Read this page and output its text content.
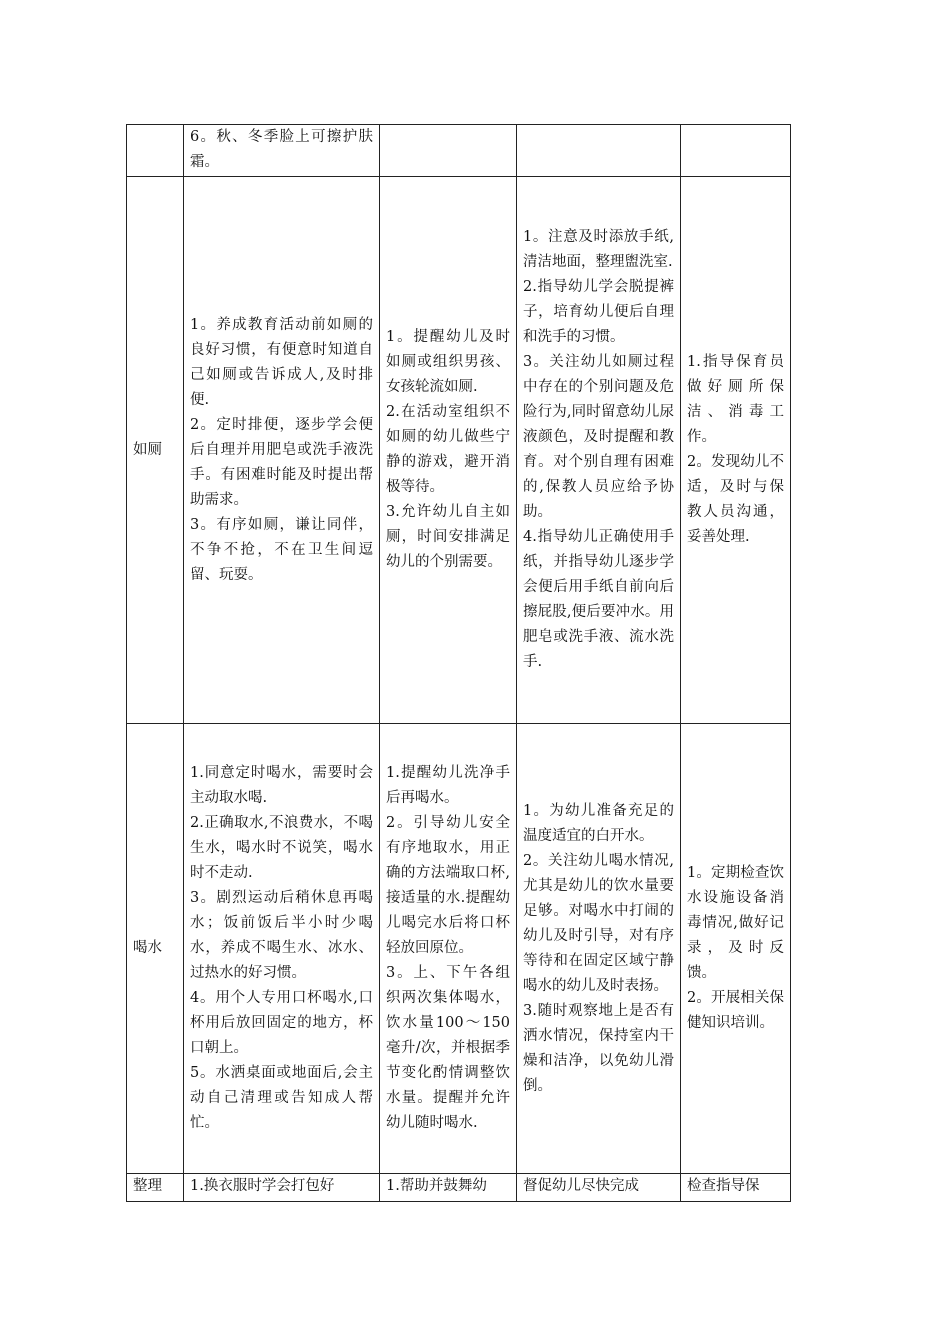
	6。秋、冬季脸上可擦护肤霜。			

如厕	1。养成教育活动前如厕的良好习惯，有便意时知道自己如厕或告诉成人,及时排便.
2。定时排便，逐步学会便后自理并用肥皂或洗手液洗手。有困难时能及时提出帮助需求。
3。有序如厕，谦让同伴，不争不抢，不在卫生间逗留、玩耍。	1。提醒幼儿及时如厕或组织男孩、女孩轮流如厕.
2.在活动室组织不如厕的幼儿做些宁静的游戏，避开消极等待。
3.允许幼儿自主如厕，时间安排满足幼儿的个别需要。	1。注意及时添放手纸,清洁地面，整理盥洗室.
2.指导幼儿学会脱提裤子，培育幼儿便后自理和洗手的习惯。
3。关注幼儿如厕过程中存在的个别问题及危险行为,同时留意幼儿尿液颜色，及时提醒和教育。对个别自理有困难的,保教人员应给予协助。
4.指导幼儿正确使用手纸，并指导幼儿逐步学会便后用手纸自前向后擦屁股,便后要冲水。用肥皂或洗手液、流水洗手.	1.指导保育员做好厕所保洁、消毒工作。
2。发现幼儿不适，及时与保教人员沟通，妥善处理.

喝水	1.同意定时喝水，需要时会主动取水喝.
2.正确取水,不浪费水，不喝生水，喝水时不说笑，喝水时不走动.
3。剧烈运动后稍休息再喝水；饭前饭后半小时少喝水，养成不喝生水、冰水、过热水的好习惯。
4。用个人专用口杯喝水,口杯用后放回固定的地方，杯口朝上。
5。水洒桌面或地面后,会主动自己清理或告知成人帮忙。	1.提醒幼儿洗净手后再喝水。
2。引导幼儿安全有序地取水，用正确的方法端取口杯,接适量的水.提醒幼儿喝完水后将口杯轻放回原位。
3。上、下午各组织两次集体喝水，饮水量100～150毫升/次，并根据季节变化酌情调整饮水量。提醒并允许幼儿随时喝水.	1。为幼儿准备充足的温度适宜的白开水。
2。关注幼儿喝水情况,尤其是幼儿的饮水量要足够。对喝水中打闹的幼儿及时引导，对有序等待和在固定区域宁静喝水的幼儿及时表扬。
3.随时观察地上是否有洒水情况，保持室内干燥和洁净，以免幼儿滑倒。	1。定期检查饮水设施设备消毒情况,做好记录，及时反馈。
2。开展相关保健知识培训。

整理	1.换衣服时学会打包好	1.帮助并鼓舞幼	督促幼儿尽快完成	检查指导保
